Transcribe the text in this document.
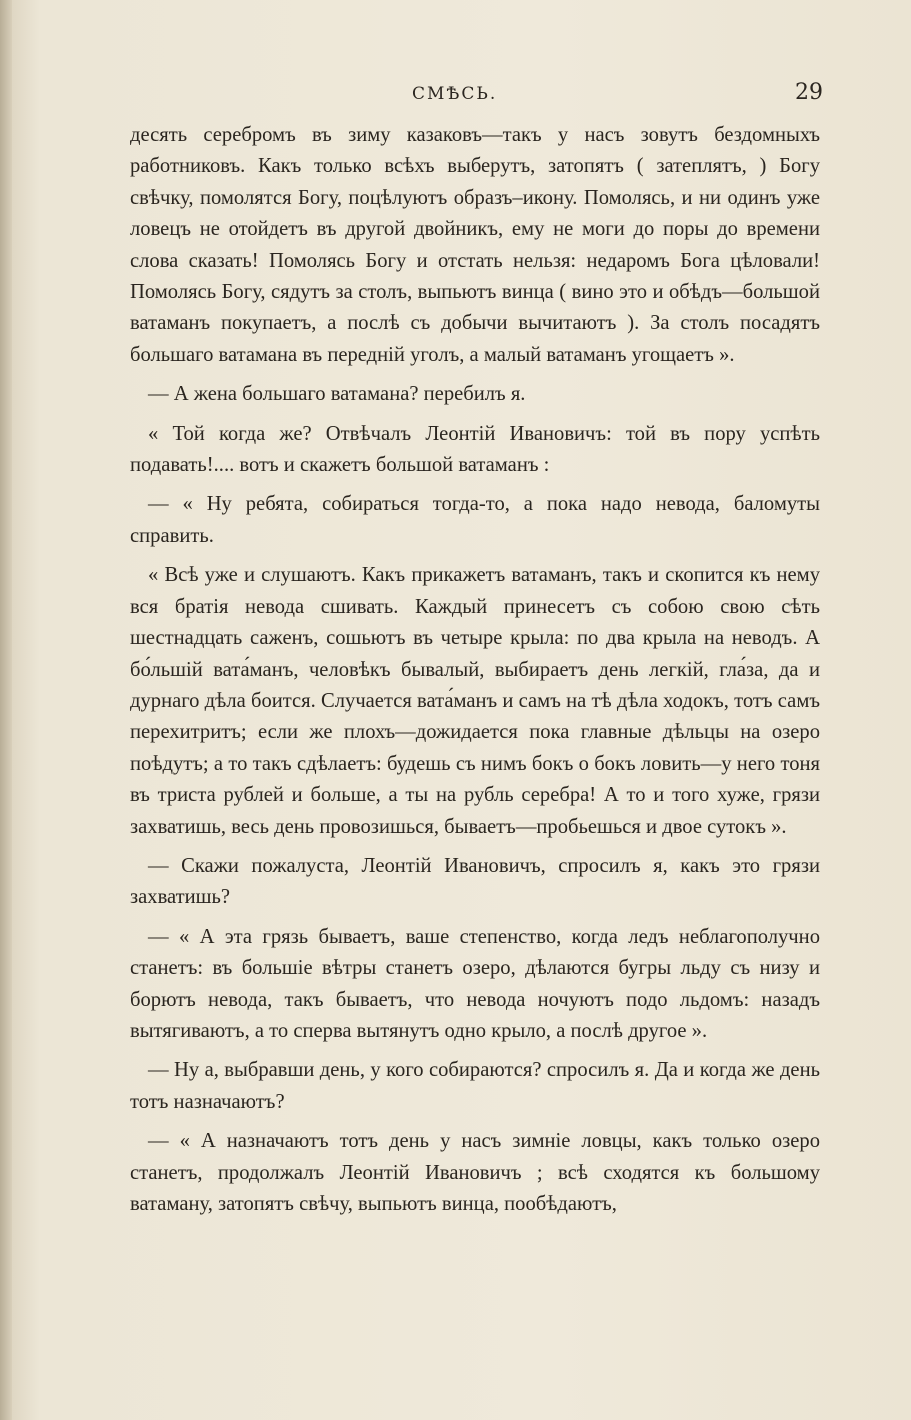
СМѢСЬ.	29

десять серебромъ въ зиму казаковъ—такъ у насъ зовутъ бездомныхъ работниковъ. Какъ только всѣхъ выберутъ, затопятъ ( затеплятъ, ) Богу свѣчку, помолятся Богу, поцѣлуютъ образъ–икону. Помолясь, и ни одинъ уже ловецъ не отойдетъ въ другой двойникъ, ему не моги до поры до времени слова сказать! Помолясь Богу и отстать нельзя: недаромъ Бога цѣловали! Помолясь Богу, сядутъ за столъ, выпьютъ винца ( вино это и обѣдъ—большой ватаманъ покупаетъ, а послѣ съ добычи вычитаютъ ). За столъ посадятъ большаго ватамана въ передній уголъ, а малый ватаманъ угощаетъ ».

— А жена большаго ватамана? перебилъ я.

« Той когда же? Отвѣчалъ Леонтій Ивановичъ: той въ пору успѣть подавать!.... вотъ и скажетъ большой ватаманъ :

— « Ну ребята, собираться тогда-то, а пока надо невода, баломуты справить.

« Всѣ уже и слушаютъ. Какъ прикажетъ ватаманъ, такъ и скопится къ нему вся братія невода сшивать. Каждый принесетъ съ собою свою сѣть шестнадцать саженъ, сошьютъ въ четыре крыла: по два крыла на неводъ. А бо́льшій вата́манъ, человѣкъ бывалый, выбираетъ день легкій, гла́за, да и дурнаго дѣла боится. Случается вата́манъ и самъ на тѣ дѣла ходокъ, тотъ самъ перехитритъ; если же плохъ—дожидается пока главные дѣльцы на озеро поѣдутъ; а то такъ сдѣлаетъ: будешь съ нимъ бокъ о бокъ ловить—у него тоня въ триста рублей и больше, а ты на рубль серебра! А то и того хуже, грязи захватишь, весь день провозишься, бываетъ—пробьешься и двое сутокъ ».

— Скажи пожалуста, Леонтій Ивановичъ, спросилъ я, какъ это грязи захватишь?

— « А эта грязь бываетъ, ваше степенство, когда ледъ неблагополучно станетъ: въ большіе вѣтры станетъ озеро, дѣлаются бугры льду съ низу и борютъ невода, такъ бываетъ, что невода ночуютъ подо льдомъ: назадъ вытягиваютъ, а то сперва вытянутъ одно крыло, а послѣ другое ».

— Ну а, выбравши день, у кого собираются? спросилъ я. Да и когда же день тотъ назначаютъ?

— « А назначаютъ тотъ день у насъ зимніе ловцы, какъ только озеро станетъ, продолжалъ Леонтій Ивановичъ ; всѣ сходятся къ большому ватаману, затопятъ свѣчу, выпьютъ винца, пообѣдаютъ,
